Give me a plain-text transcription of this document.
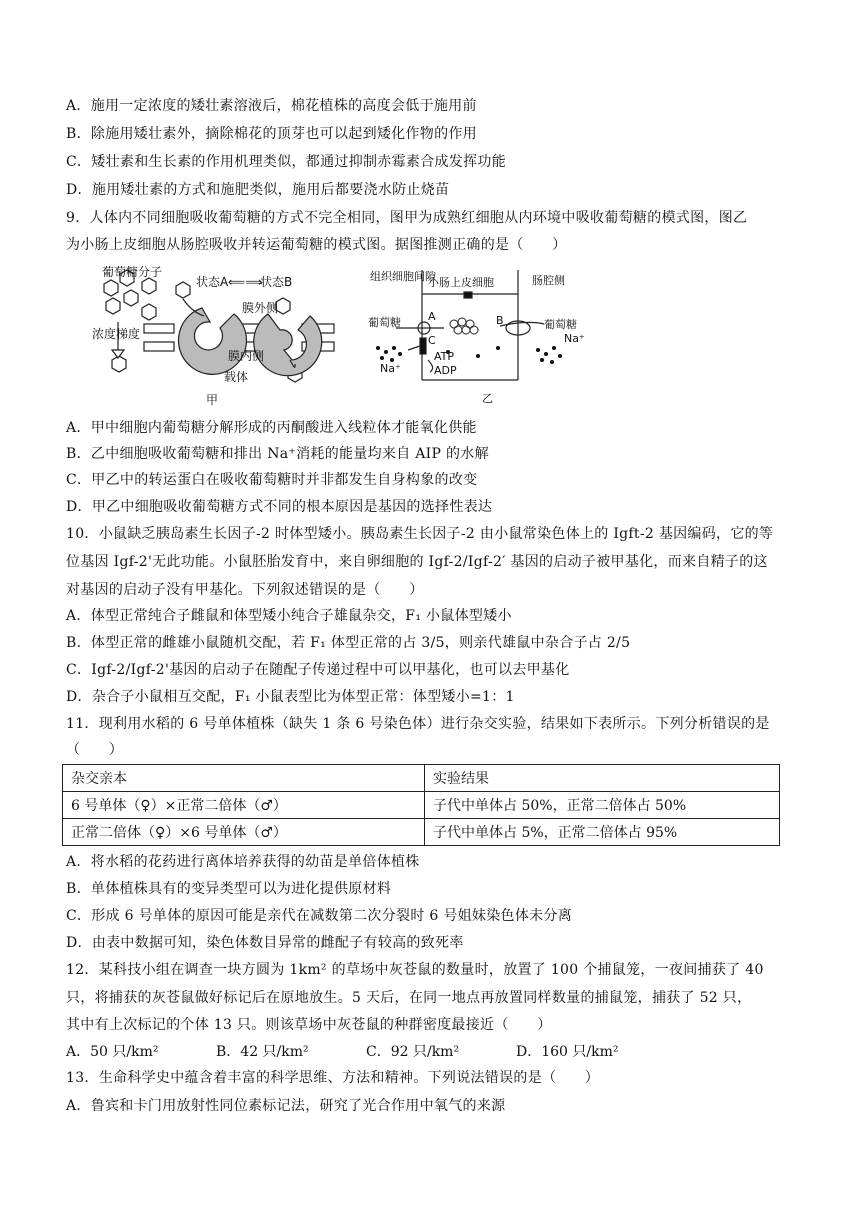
A．施用一定浓度的矮壮素溶液后，棉花植株的高度会低于施用前
B．除施用矮壮素外，摘除棉花的顶芽也可以起到矮化作物的作用
C．矮壮素和生长素的作用机理类似，都通过抑制赤霉素合成发挥功能
D．施用矮壮素的方式和施肥类似，施用后都要浇水防止烧苗
9．人体内不同细胞吸收葡萄糖的方式不完全相同，图甲为成熟红细胞从内环境中吸收葡萄糖的模式图，图乙
为小肠上皮细胞从肠腔吸收并转运葡萄糖的模式图。据图推测正确的是（　　）
葡萄糖分子
状态A ⟸⟹
状态B
膜外侧
浓度梯度
膜内侧
载体
甲
组织细胞间隙
小肠上皮细胞	肠腔侧
葡萄糖	葡萄糖
A	B
C
ATP
ADP
Na⁺
Na⁺
乙
A．甲中细胞内葡萄糖分解形成的丙酮酸进入线粒体才能氧化供能
B．乙中细胞吸收葡萄糖和排出 Na⁺消耗的能量均来自 AIP 的水解
C．甲乙中的转运蛋白在吸收葡萄糖时并非都发生自身构象的改变
D．甲乙中细胞吸收葡萄糖方式不同的根本原因是基因的选择性表达
10．小鼠缺乏胰岛素生长因子-2 时体型矮小。胰岛素生长因子-2 由小鼠常染色体上的 Igft-2 基因编码，它的等
位基因 Igf-2'无此功能。小鼠胚胎发育中，来自卵细胞的 Igf-2/Igf-2′ 基因的启动子被甲基化，而来自精子的这
对基因的启动子没有甲基化。下列叙述错误的是（　　）
A．体型正常纯合子雌鼠和体型矮小纯合子雄鼠杂交，F₁ 小鼠体型矮小
B．体型正常的雌雄小鼠随机交配，若 F₁ 体型正常的占 3/5，则亲代雄鼠中杂合子占 2/5
C．Igf-2/Igf-2'基因的启动子在随配子传递过程中可以甲基化，也可以去甲基化
D．杂合子小鼠相互交配，F₁ 小鼠表型比为体型正常：体型矮小=1：1
11．现利用水稻的 6 号单体植株（缺失 1 条 6 号染色体）进行杂交实验，结果如下表所示。下列分析错误的是
（　　）
杂交亲本	实验结果
6 号单体（♀）×正常二倍体（♂）	子代中单体占 50%，正常二倍体占 50%
正常二倍体（♀）×6 号单体（♂）	子代中单体占 5%，正常二倍体占 95%
A．将水稻的花药进行离体培养获得的幼苗是单倍体植株
B．单体植株具有的变异类型可以为进化提供原材料
C．形成 6 号单体的原因可能是亲代在减数第二次分裂时 6 号姐妹染色体未分离
D．由表中数据可知，染色体数目异常的雌配子有较高的致死率
12．某科技小组在调查一块方圆为 1km² 的草场中灰苍鼠的数量时，放置了 100 个捕鼠笼，一夜间捕获了 40
只，将捕获的灰苍鼠做好标记后在原地放生。5 天后，在同一地点再放置同样数量的捕鼠笼，捕获了 52 只，
其中有上次标记的个体 13 只。则该草场中灰苍鼠的种群密度最接近（　　）
A．50 只/km²	B．42 只/km²	C．92 只/km²	D．160 只/km²
13．生命科学史中蕴含着丰富的科学思维、方法和精神。下列说法错误的是（　　）
A．鲁宾和卡门用放射性同位素标记法，研究了光合作用中氧气的来源
